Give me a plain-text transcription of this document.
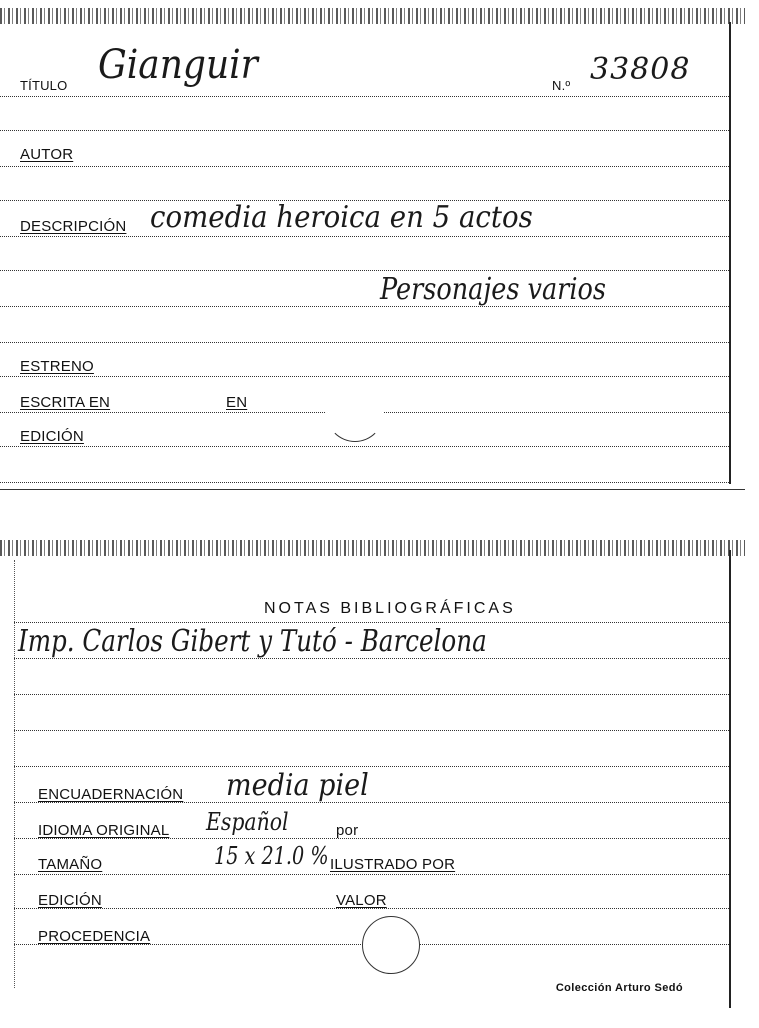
TÍTULO Gianguir	N.º 33808
AUTOR
DESCRIPCIÓN comedia heroica en 5 actos
Personajes varios
ESTRENO
ESCRITA EN	EN
EDICIÓN
NOTAS BIBLIOGRÁFICAS
Imp. Carlos Gibert y Tutó - Barcelona
ENCUADERNACIÓN media piel
IDIOMA ORIGINAL Español	por
TAMAÑO	15 x 21.0 % ILUSTRADO POR
EDICIÓN	VALOR
PROCEDENCIA
Colección Arturo Sedó
